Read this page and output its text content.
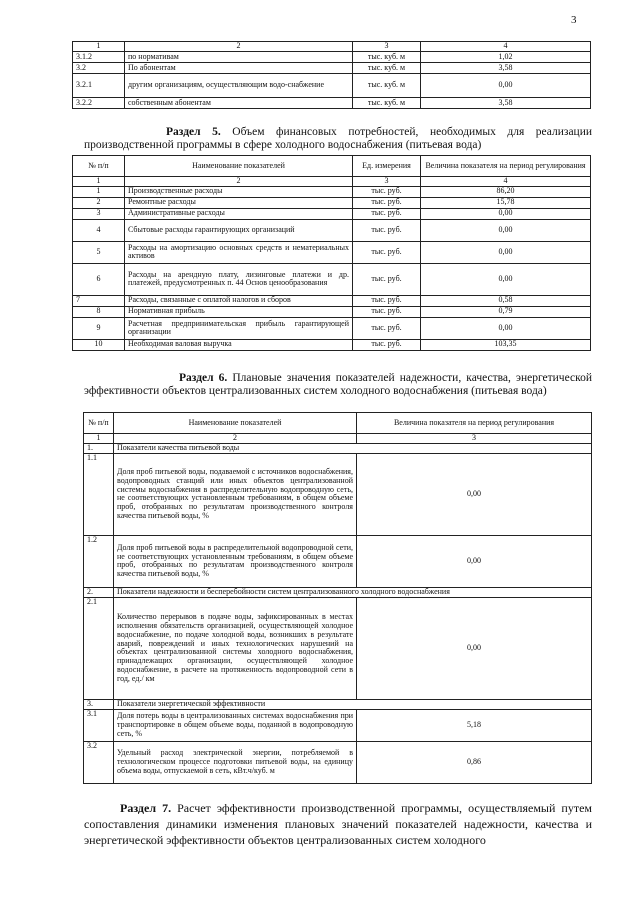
3
1	2	3	4
3.1.2	по нормативам	тыс. куб. м	1,02
3.2	По абонентам	тыс. куб. м	3,58
3.2.1	другим организациям, осуществляющим водо-снабжение	тыс. куб. м	0,00
3.2.2	собственным абонентам	тыс. куб. м	3,58
Раздел 5. Объем финансовых потребностей, необходимых для реализации производственной программы в сфере холодного водоснабжения (питьевая вода)
№ п/п	Наименование показателей	Ед. измерения	Величина показателя на период регулирования
1	2	3	4
1	Производственные расходы	тыс. руб.	86,20
2	Ремонтные расходы	тыс. руб.	15,78
3	Административные расходы	тыс. руб.	0,00
4	Сбытовые расходы гарантирующих организаций	тыс. руб.	0,00
5	Расходы на амортизацию основных средств и нематериальных активов	тыс. руб.	0,00
6	Расходы на арендную плату, лизинговые платежи и др. платежей, предусмотренных п. 44 Основ ценообразования	тыс. руб.	0,00
7	Расходы, связанные с оплатой налогов и сборов	тыс. руб.	0,58
8	Нормативная прибыль	тыс. руб.	0,79
9	Расчетная предпринимательская прибыль гарантирующей организации	тыс. руб.	0,00
10	Необходимая валовая выручка	тыс. руб.	103,35
Раздел 6. Плановые значения показателей надежности, качества, энергетической эффективности объектов централизованных систем холодного водоснабжения (питьевая вода)
№ п/п	Наименование показателей	Величина показателя на период регулирования
1	2	3
1.	Показатели качества питьевой воды	
1.1	Доля проб питьевой воды, подаваемой с источников водоснабжения, водопроводных станций или иных объектов централизованной системы водоснабжения в распределительную водопроводную сеть, не соответствующих установленным требованиям, в общем объеме проб, отобранных по результатам производственного контроля качества питьевой воды, %	0,00
1.2	Доля проб питьевой воды в распределительной водопроводной сети, не соответствующих установленным требованиям, в общем объеме проб, отобранных по результатам производственного контроля качества питьевой воды, %	0,00
2.	Показатели надежности и бесперебойности систем централизованного холодного водоснабжения	
2.1	Количество перерывов в подаче воды, зафиксированных в местах исполнения обязательств организацией, осуществляющей холодное водоснабжение, по подаче холодной воды, возникших в результате аварий, повреждений и иных технологических нарушений на объектах централизованной системы холодного водоснабжения, принадлежащих организации, осуществляющей холодное водоснабжение, в расчете на протяженность водопроводной сети в год, ед./ км	0,00
3.	Показатели энергетической эффективности	
3.1	Доля потерь воды в централизованных системах водоснабжения при транспортировке в общем объеме воды, поданной в водопроводную сеть, %	5,18
3.2	Удельный расход электрической энергии, потребляемой в технологическом процессе подготовки питьевой воды, на единицу объема воды, отпускаемой в сеть, кВт.ч/куб. м	0,86
Раздел 7. Расчет эффективности производственной программы, осуществляемый путем сопоставления динамики изменения плановых значений показателей надежности, качества и энергетической эффективности объектов централизованных систем холодного
